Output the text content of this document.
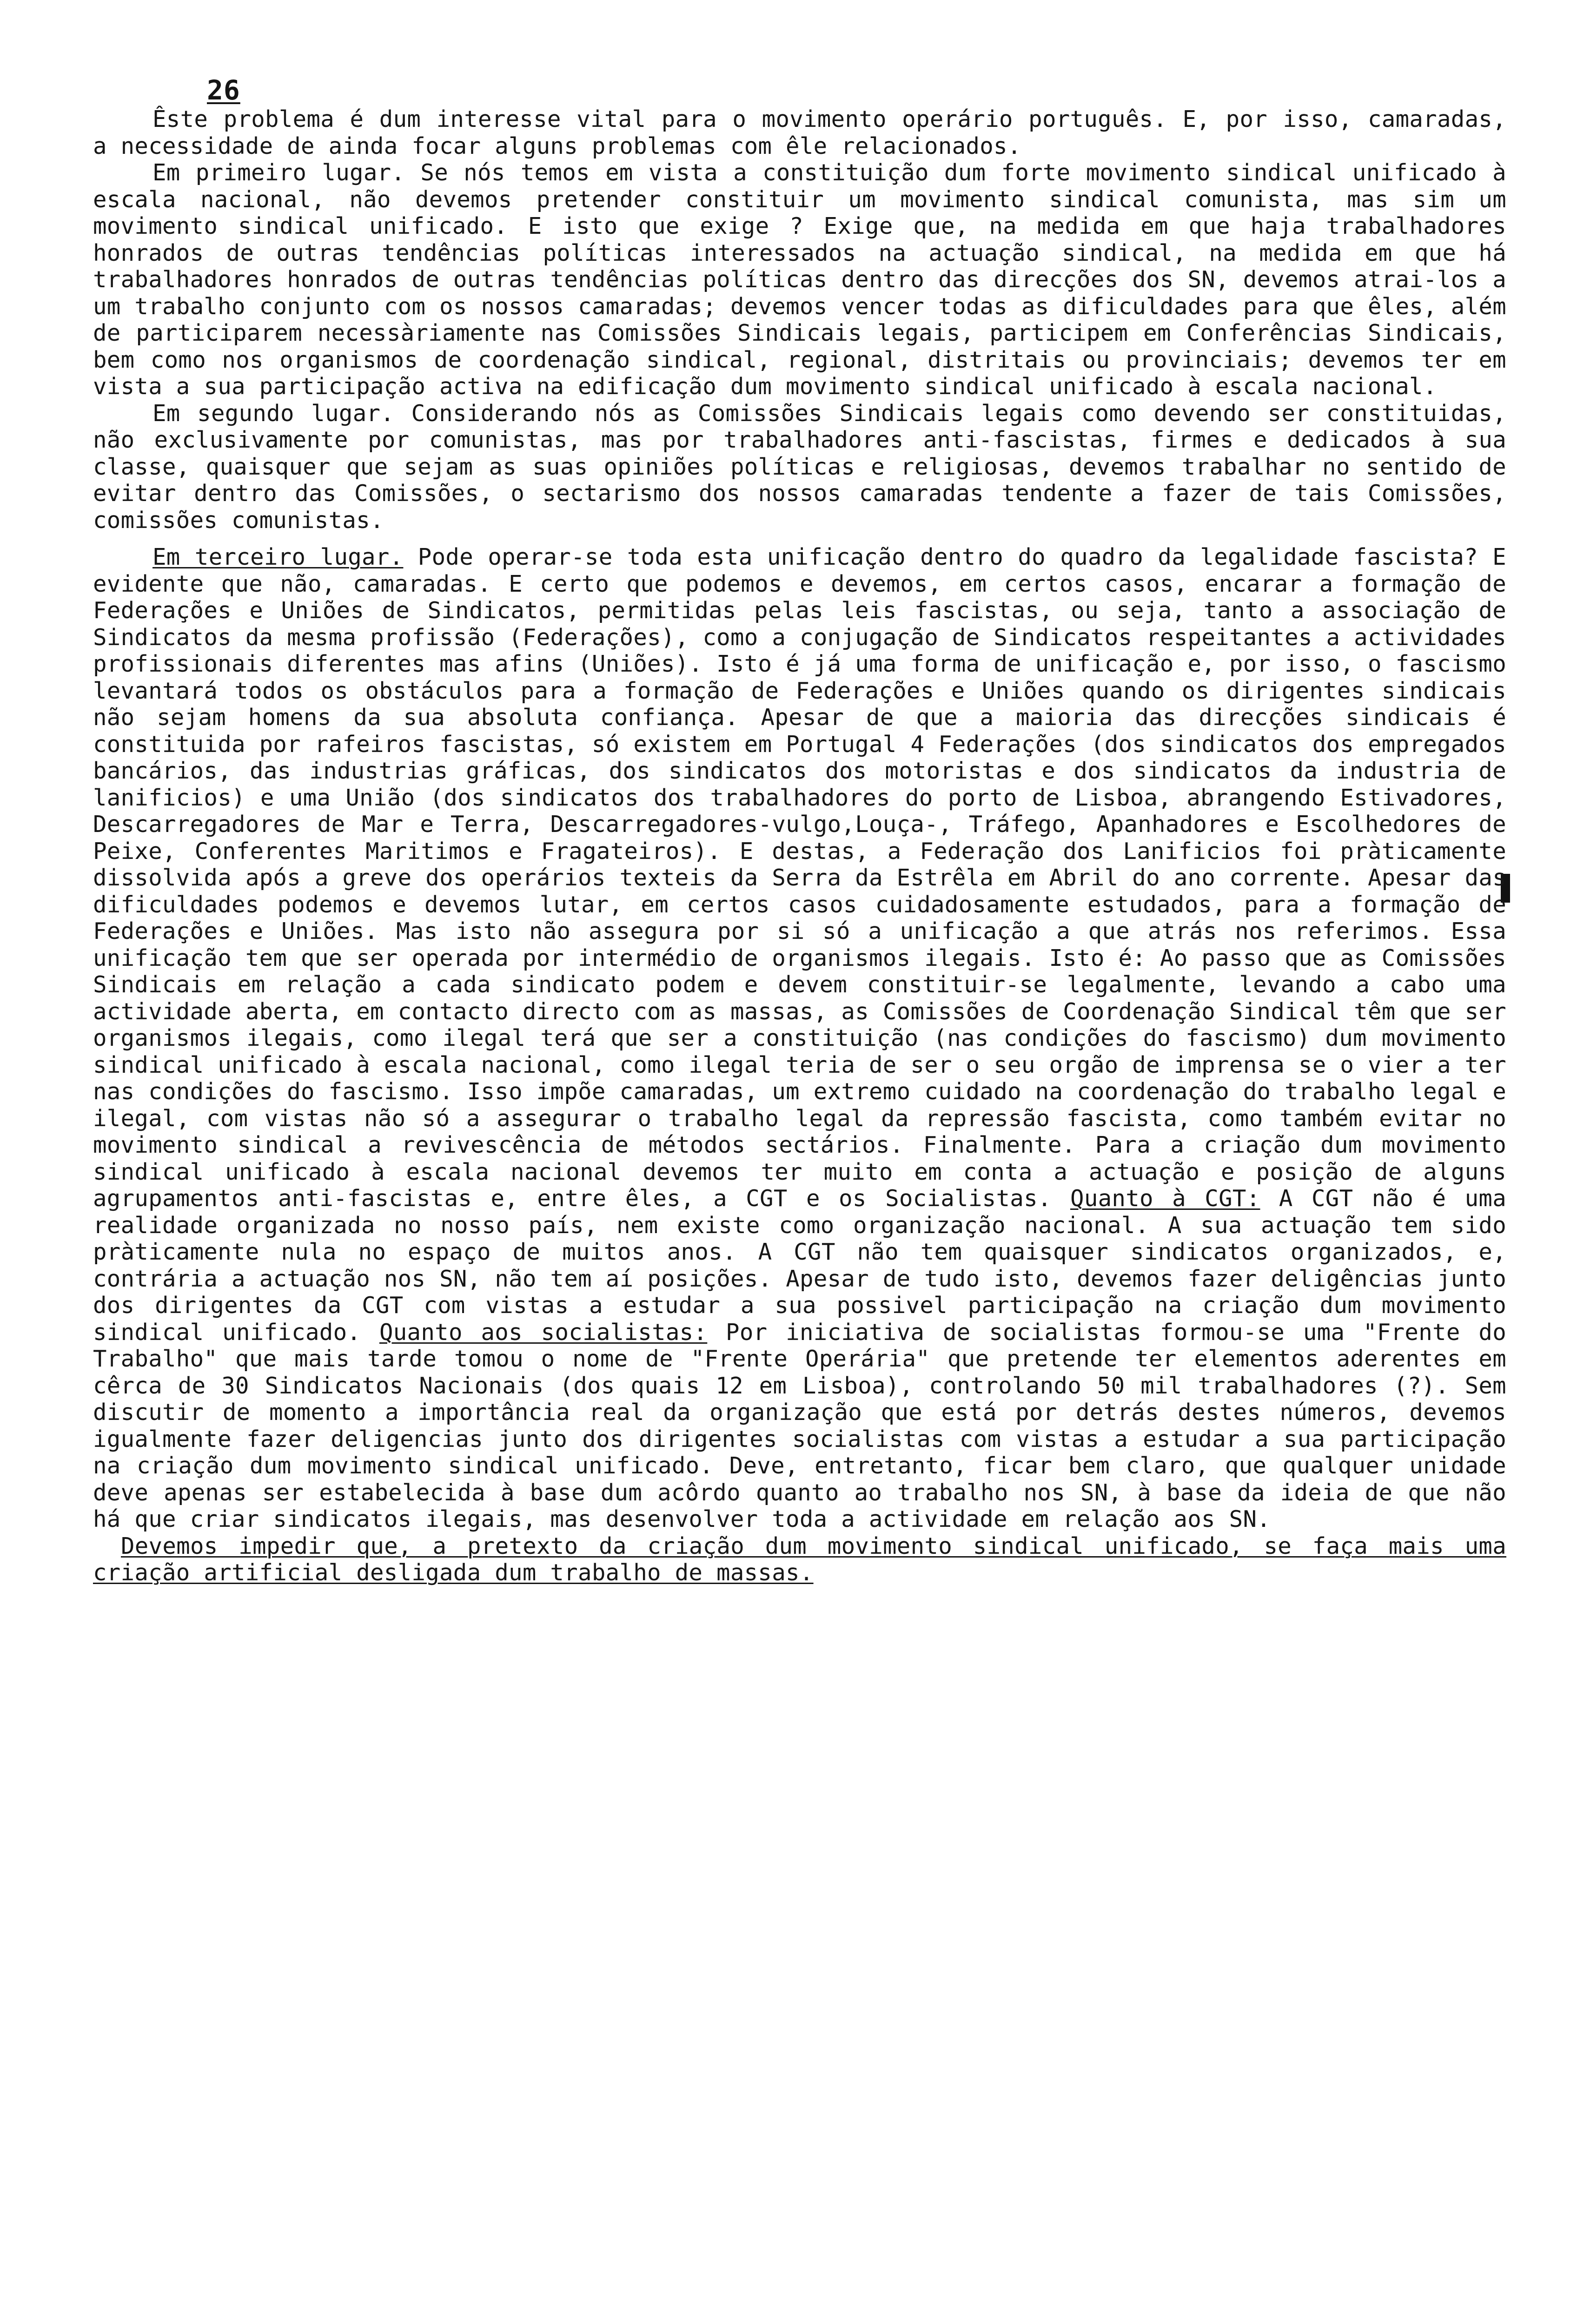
26

Êste problema é dum interesse vital para o movimento operário português. E, por isso, camaradas, a necessidade de ainda focar alguns problemas com êle relacionados.

Em primeiro lugar. Se nós temos em vista a constituição dum forte movimento sindical unificado à escala nacional, não devemos pretender constituir um movimento sindical comunista, mas sim um movimento sindical unificado. E isto que exige ? Exige que, na medida em que haja trabalhadores honrados de outras tendências políticas interessados na actuação sindical, na medida em que há trabalhadores honrados de outras tendências políticas dentro das direcções dos SN, devemos atrai-los a um trabalho conjunto com os nossos camaradas; devemos vencer todas as dificuldades para que êles, além de participarem necessàriamente nas Comissões Sindicais legais, participem em Conferências Sindicais, bem como nos organismos de coordenação sindical, regional, distritais ou provinciais; devemos ter em vista a sua participação activa na edificação dum movimento sindical unificado à escala nacional.

Em segundo lugar. Considerando nós as Comissões Sindicais legais como devendo ser constituidas, não exclusivamente por comunistas, mas por trabalhadores anti-fascistas, firmes e dedicados à sua classe, quaisquer que sejam as suas opiniões políticas e religiosas, devemos trabalhar no sentido de evitar dentro das Comissões, o sectarismo dos nossos camaradas tendente a fazer de tais Comissões, comissões comunistas.

Em terceiro lugar. Pode operar-se toda esta unificação dentro do quadro da legalidade fascista? E evidente que não, camaradas. E certo que podemos e devemos, em certos casos, encarar a formação de Federações e Uniões de Sindicatos, permitidas pelas leis fascistas, ou seja, tanto a associação de Sindicatos da mesma profissão (Federações), como a conjugação de Sindicatos respeitantes a actividades profissionais diferentes mas afins (Uniões). Isto é já uma forma de unificação e, por isso, o fascismo levantará todos os obstáculos para a formação de Federações e Uniões quando os dirigentes sindicais não sejam homens da sua absoluta confiança. Apesar de que a maioria das direcções sindicais é constituida por rafeiros fascistas, só existem em Portugal 4 Federações (dos sindicatos dos empregados bancários, das industrias gráficas, dos sindicatos dos motoristas e dos sindicatos da industria de lanificios) e uma União (dos sindicatos dos trabalhadores do porto de Lisboa, abrangendo Estivadores, Descarregadores de Mar e Terra, Descarregadores-vulgo,Louça-, Tráfego, Apanhadores e Escolhedores de Peixe, Conferentes Maritimos e Fragateiros). E destas, a Federação dos Lanificios foi pràticamente dissolvida após a greve dos operários texteis da Serra da Estrêla em Abril do ano corrente. Apesar das dificuldades podemos e devemos lutar, em certos casos cuidadosamente estudados, para a formação de Federações e Uniões. Mas isto não assegura por si só a unificação a que atrás nos referimos. Essa unificação tem que ser operada por intermédio de organismos ilegais. Isto é: Ao passo que as Comissões Sindicais em relação a cada sindicato podem e devem constituir-se legalmente, levando a cabo uma actividade aberta, em contacto directo com as massas, as Comissões de Coordenação Sindical têm que ser organismos ilegais, como ilegal terá que ser a constituição (nas condições do fascismo) dum movimento sindical unificado à escala nacional, como ilegal teria de ser o seu orgão de imprensa se o vier a ter nas condições do fascismo. Isso impõe camaradas, um extremo cuidado na coordenação do trabalho legal e ilegal, com vistas não só a assegurar o trabalho legal da repressão fascista, como também evitar no movimento sindical a revivescência de métodos sectários. Finalmente. Para a criação dum movimento sindical unificado à escala nacional devemos ter muito em conta a actuação e posição de alguns agrupamentos anti-fascistas e, entre êles, a CGT e os Socialistas. Quanto à CGT: A CGT não é uma realidade organizada no nosso país, nem existe como organização nacional. A sua actuação tem sido pràticamente nula no espaço de muitos anos. A CGT não tem quaisquer sindicatos organizados, e, contrária a actuação nos SN, não tem aí posições. Apesar de tudo isto, devemos fazer deligências junto dos dirigentes da CGT com vistas a estudar a sua possivel participação na criação dum movimento sindical unificado. Quanto aos socialistas: Por iniciativa de socialistas formou-se uma "Frente do Trabalho" que mais tarde tomou o nome de "Frente Operária" que pretende ter elementos aderentes em cêrca de 30 Sindicatos Nacionais (dos quais 12 em Lisboa), controlando 50 mil trabalhadores (?). Sem discutir de momento a importância real da organização que está por detrás destes números, devemos igualmente fazer deligencias junto dos dirigentes socialistas com vistas a estudar a sua participação na criação dum movimento sindical unificado. Deve, entretanto, ficar bem claro, que qualquer unidade deve apenas ser estabelecida à base dum acôrdo quanto ao trabalho nos SN, à base da ideia de que não há que criar sindicatos ilegais, mas desenvolver toda a actividade em relação aos SN.

Devemos impedir que, a pretexto da criação dum movimento sindical unificado, se faça mais uma criação artificial desligada dum trabalho de massas.
